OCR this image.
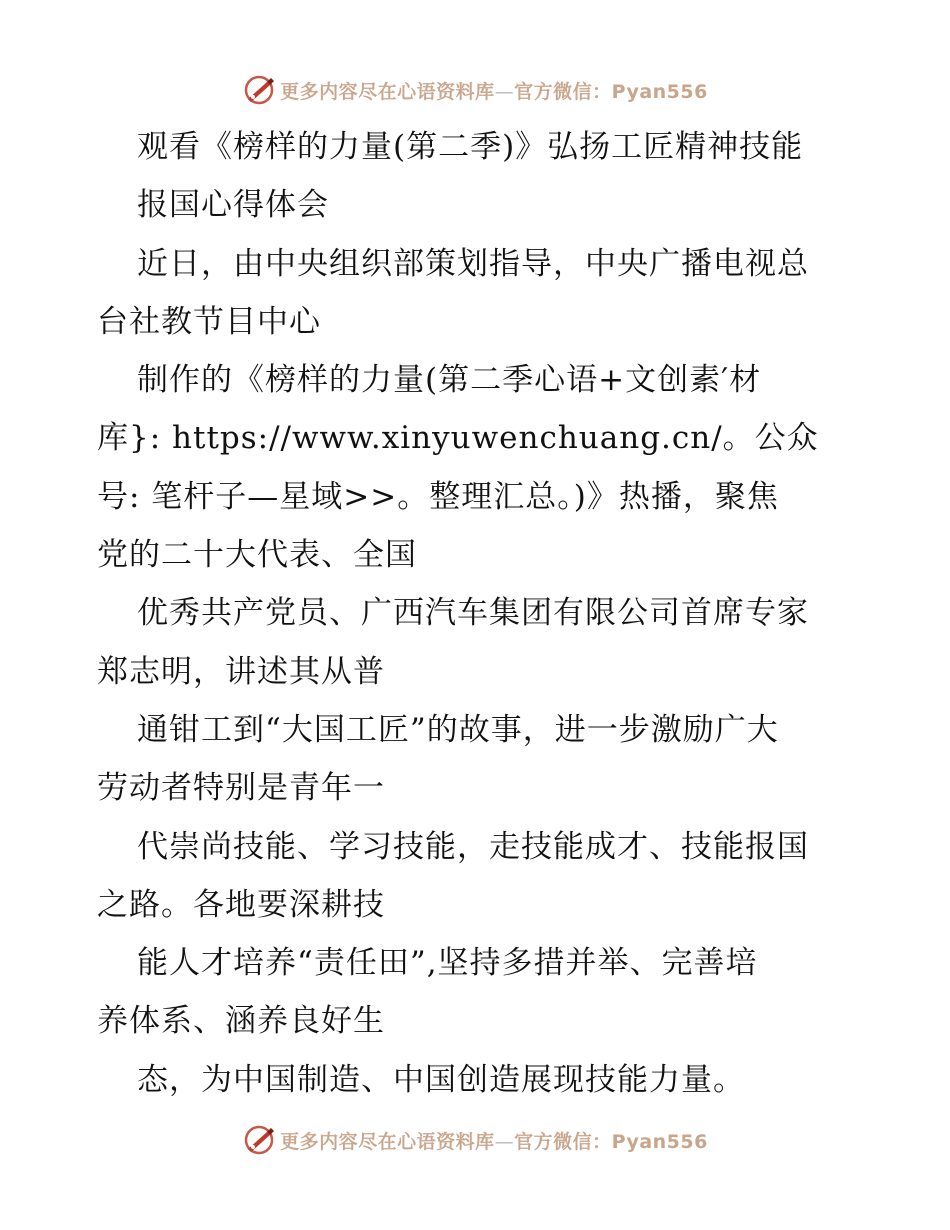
更多内容尽在心语资料库—官方微信：Pyan556
观看《榜样的力量(第二季)》弘扬工匠精神技能
报国心得体会
近日，由中央组织部策划指导，中央广播电视总
台社教节目中心
制作的《榜样的力量(第二季心语+文创素′材
库}: https://www.xinyuwenchuang.cn/。公众
号: 笔杆子—星域>>。整理汇总。)》热播，聚焦
党的二十大代表、全国
优秀共产党员、广西汽车集团有限公司首席专家
郑志明，讲述其从普
通钳工到“大国工匠”的故事，进一步激励广大
劳动者特别是青年一
代崇尚技能、学习技能，走技能成才、技能报国
之路。各地要深耕技
能人才培养“责任田”,坚持多措并举、完善培
养体系、涵养良好生
态，为中国制造、中国创造展现技能力量。
更多内容尽在心语资料库—官方微信：Pyan556
